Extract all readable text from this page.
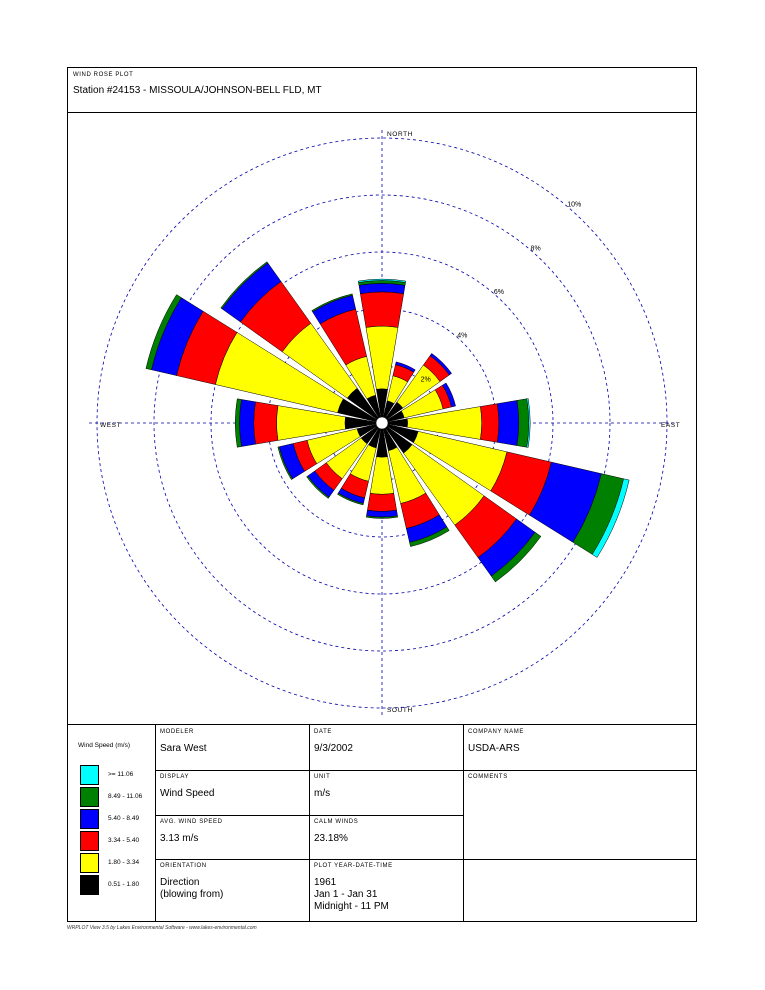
WIND ROSE PLOT
Station #24153 - MISSOULA/JOHNSON-BELL FLD, MT
2%
4%
6%
8%
10%
NORTH
SOUTH
EAST
WEST
Wind Speed (m/s)
>= 11.06
8.49 - 11.06
5.40 - 8.49
3.34 - 5.40
1.80 - 3.34
0.51 - 1.80
MODELER
Sara West
DATE
9/3/2002
COMPANY NAME
USDA-ARS
DISPLAY
Wind Speed
UNIT
m/s
COMMENTS
AVG. WIND SPEED
3.13 m/s
CALM WINDS
23.18%
ORIENTATION
Direction
(blowing from)
PLOT YEAR-DATE-TIME
1961
Jan 1 - Jan 31
Midnight - 11 PM
WRPLOT View 3.5 by Lakes Environmental Software - www.lakes-environmental.com
